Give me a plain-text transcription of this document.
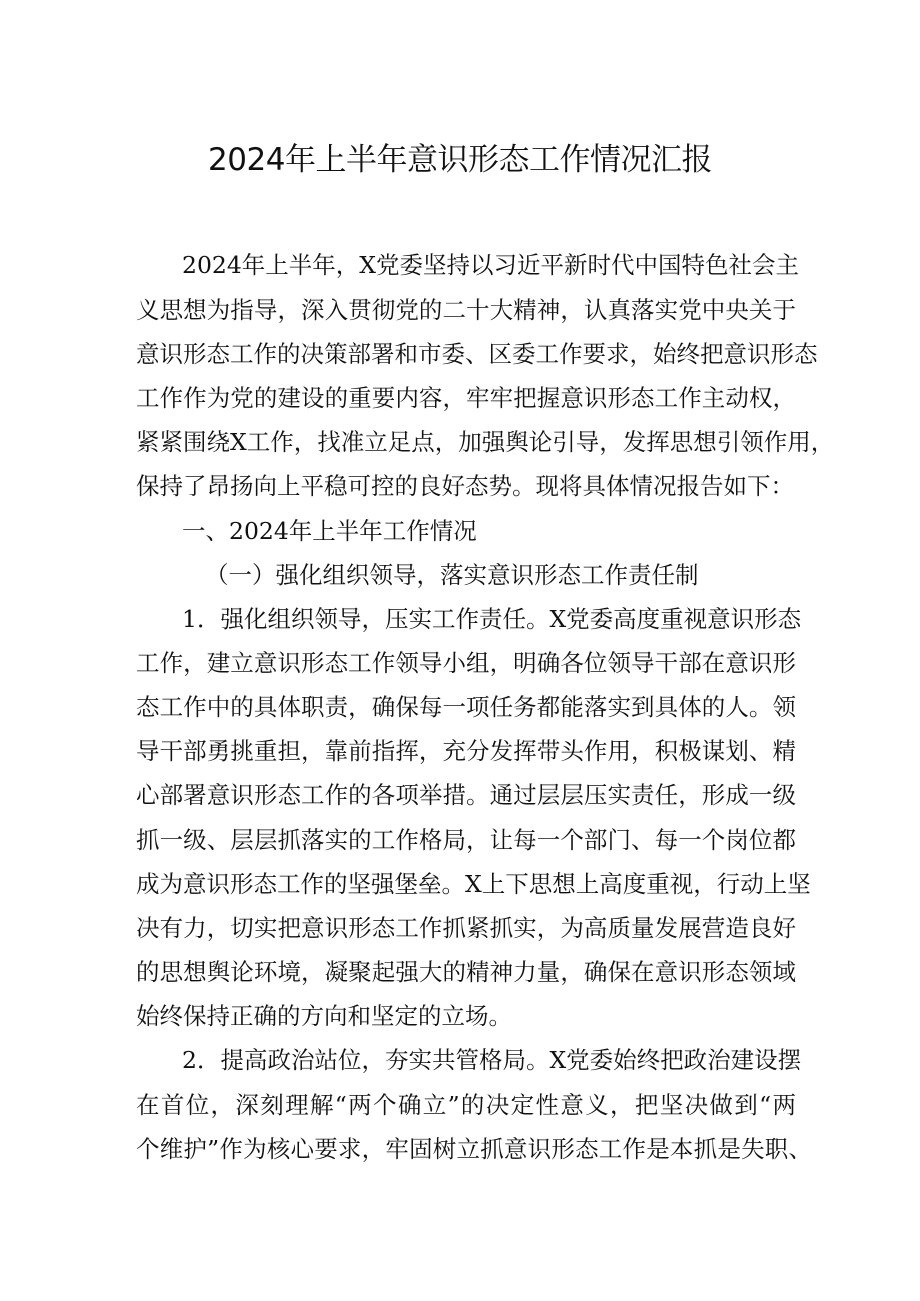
2024年上半年意识形态工作情况汇报
2024年上半年，X党委坚持以习近平新时代中国特色社会主
义思想为指导，深入贯彻党的二十大精神，认真落实党中央关于
意识形态工作的决策部署和市委、区委工作要求，始终把意识形态
工作作为党的建设的重要内容，牢牢把握意识形态工作主动权，
紧紧围绕X工作，找准立足点，加强舆论引导，发挥思想引领作用，
保持了昂扬向上平稳可控的良好态势。现将具体情况报告如下：
一、2024年上半年工作情况
（一）强化组织领导，落实意识形态工作责任制
1．强化组织领导，压实工作责任。X党委高度重视意识形态
工作，建立意识形态工作领导小组，明确各位领导干部在意识形
态工作中的具体职责，确保每一项任务都能落实到具体的人。领
导干部勇挑重担，靠前指挥，充分发挥带头作用，积极谋划、精
心部署意识形态工作的各项举措。通过层层压实责任，形成一级
抓一级、层层抓落实的工作格局，让每一个部门、每一个岗位都
成为意识形态工作的坚强堡垒。X上下思想上高度重视，行动上坚
决有力，切实把意识形态工作抓紧抓实，为高质量发展营造良好
的思想舆论环境，凝聚起强大的精神力量，确保在意识形态领域
始终保持正确的方向和坚定的立场。
2．提高政治站位，夯实共管格局。X党委始终把政治建设摆
在首位，深刻理解“两个确立”的决定性意义，把坚决做到“两
个维护”作为核心要求，牢固树立抓意识形态工作是本抓是失职、
